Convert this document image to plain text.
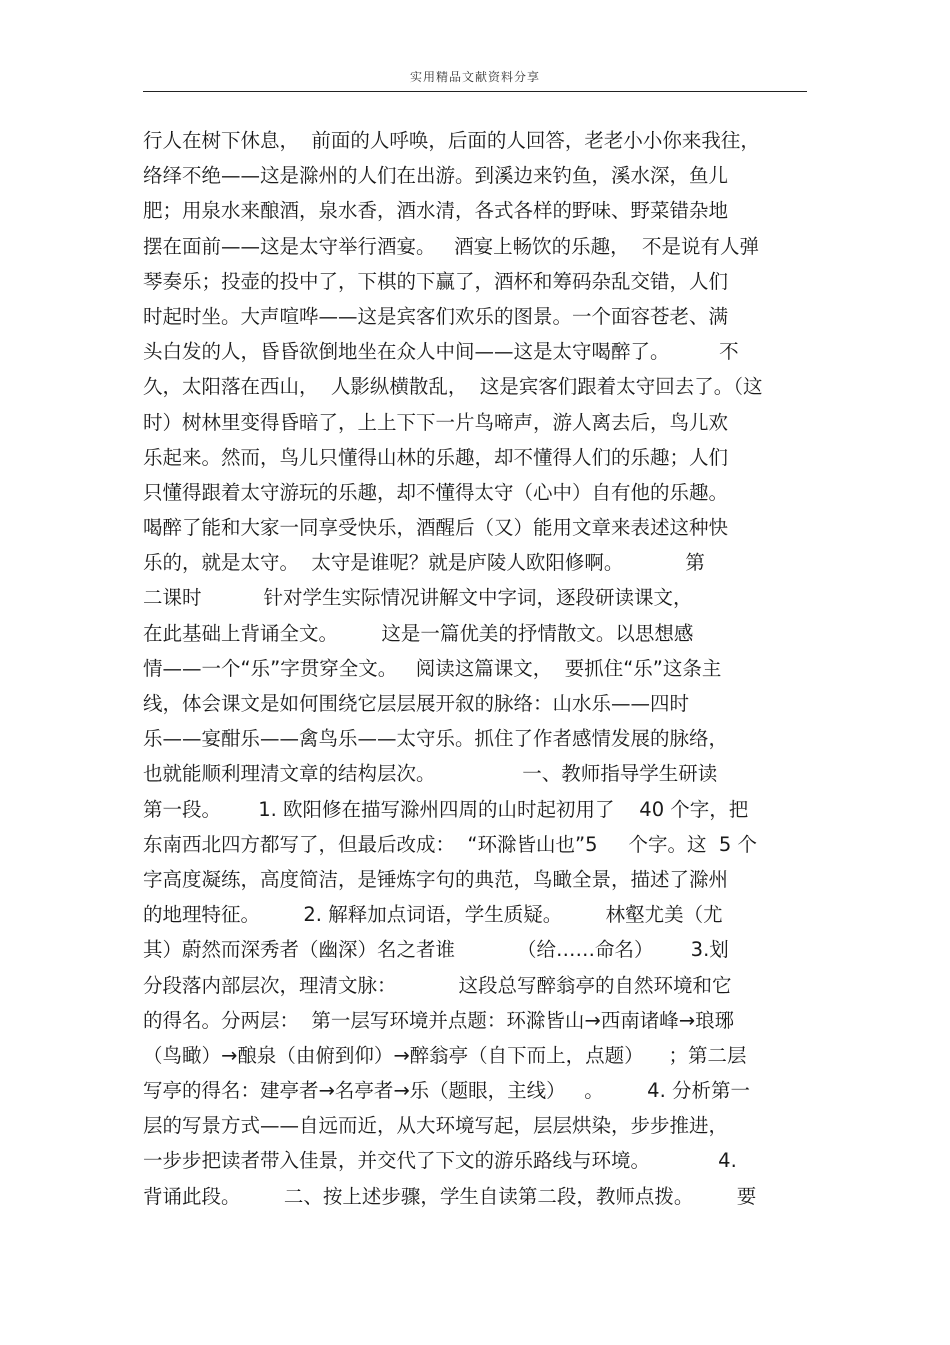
实用精品文献资料分享
行人在树下休息，  前面的人呼唤，后面的人回答，老老小小你来我往，
络绎不绝——这是滁州的人们在出游。到溪边来钓鱼，溪水深，鱼儿
肥；用泉水来酿酒，泉水香，酒水清，各式各样的野味、野菜错杂地
摆在面前——这是太守举行酒宴。   酒宴上畅饮的乐趣，  不是说有人弹
琴奏乐；投壶的投中了，下棋的下赢了，酒杯和筹码杂乱交错，人们
时起时坐。大声喧哗——这是宾客们欢乐的图景。一个面容苍老、满
头白发的人，昏昏欲倒地坐在众人中间——这是太守喝醉了。        不
久，太阳落在西山，  人影纵横散乱，  这是宾客们跟着太守回去了。（这
时）树林里变得昏暗了，上上下下一片鸟啼声，游人离去后，鸟儿欢
乐起来。然而，鸟儿只懂得山林的乐趣，却不懂得人们的乐趣；人们
只懂得跟着太守游玩的乐趣，却不懂得太守（心中）自有他的乐趣。
喝醉了能和大家一同享受快乐，酒醒后（又）能用文章来表述这种快
乐的，就是太守。  太守是谁呢？就是庐陵人欧阳修啊。          第
二课时          针对学生实际情况讲解文中字词，逐段研读课文，
在此基础上背诵全文。       这是一篇优美的抒情散文。以思想感
情——一个“乐”字贯穿全文。   阅读这篇课文，  要抓住“乐”这条主
线，体会课文是如何围绕它层层展开叙的脉络：山水乐——四时
乐——宴酣乐——禽鸟乐——太守乐。抓住了作者感情发展的脉络，
也就能顺利理清文章的结构层次。              一、教师指导学生研读
第一段。      1. 欧阳修在描写滁州四周的山时起初用了    40 个字，把
东南西北四方都写了，但最后改成：  “环滁皆山也”5     个字。这  5 个
字高度凝练，高度简洁，是锤炼字句的典范，鸟瞰全景，描述了滁州
的地理特征。       2. 解释加点词语，学生质疑。       林壑尤美（尤
其）蔚然而深秀者（幽深）名之者谁          （给……命名）      3.划
分段落内部层次，理清文脉：          这段总写醉翁亭的自然环境和它
的得名。分两层：  第一层写环境并点题：环滁皆山→西南诸峰→琅琊
（鸟瞰）→酿泉（由俯到仰）→醉翁亭（自下而上，点题）    ；第二层
写亭的得名：建亭者→名亭者→乐（题眼，主线）   。       4. 分析第一
层的写景方式——自远而近，从大环境写起，层层烘染，步步推进，
一步步把读者带入佳景，并交代了下文的游乐路线与环境。           4.
背诵此段。       二、按上述步骤，学生自读第二段，教师点拨。       要
